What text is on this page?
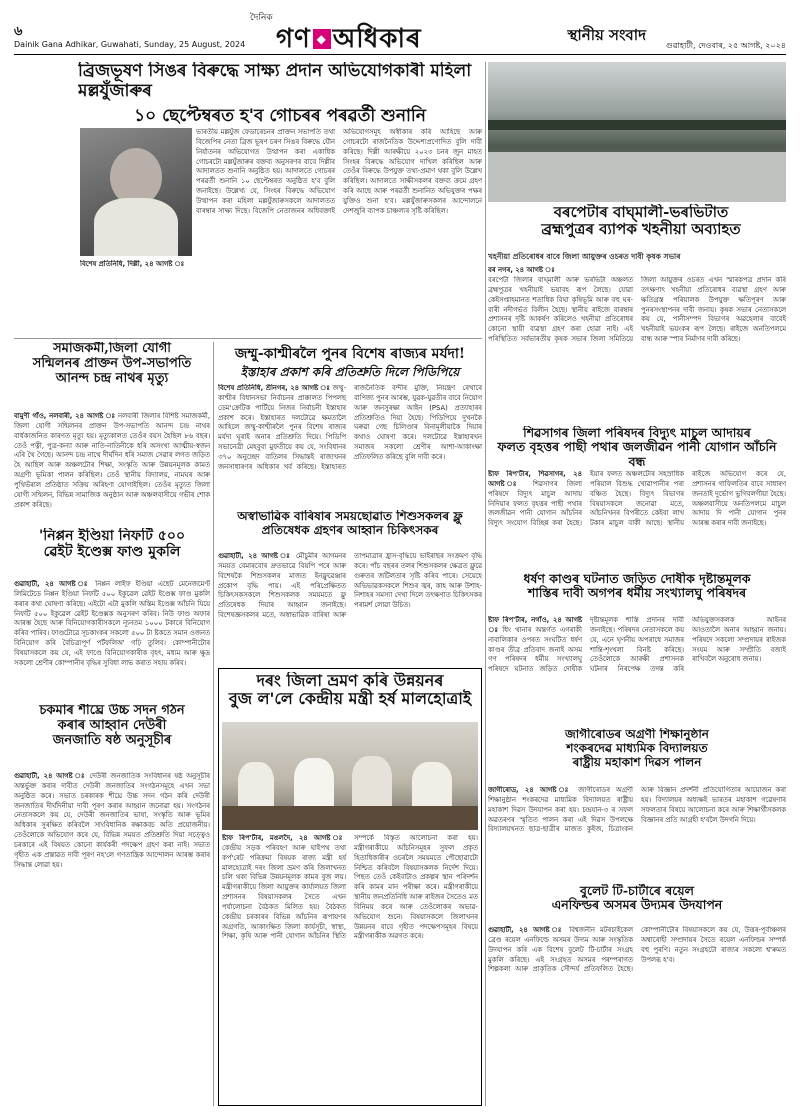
৬
দৈনিক
গণ ◆ অধিকাৰ	স্থানীয় সংবাদ
Dainik Gana Adhikar, Guwahati, Sunday, 25 August, 2024	গুৱাহাটী, দেওবাৰ, ২৫ আগষ্ট, ২০২৪
ব্ৰিজভূষণ সিঙৰ বিৰুদ্ধে সাক্ষ্য প্ৰদান অভিযোগকাৰী মহিলা মল্লযুঁজাৰুৰ
১০ ছেপ্টেম্বৰত হ'ব গোচৰৰ পৰৱৰ্তী শুনানি
বিশেষ প্ৰতিনিধি, দিল্লী, ২৪ আগষ্ট ঃ
ভাৰতীয় মল্লযুঁজ ফেডাৰেচনৰ প্ৰাক্তন সভাপতি তথা বিজেপিৰ নেতা ব্ৰিজ ভূষণ চৰণ সিঙৰ বিৰুদ্ধে যৌন নিৰ্যাতনৰ অভিযোগত উত্থাপন কৰা একাধিক গোচৰটো মল্লযুঁজাৰুৰ বক্তব্য অনুসৰণৰ বাবে দিল্লীৰ আদালতত শুনানি অনুষ্ঠিত হয়। আদালতে গোচৰৰ পৰৱৰ্তী শুনানি ১০ ছেপ্টেম্বৰত অনুষ্ঠিত হ'ব বুলি জনাইছে। উল্লেখ্য যে, সিংহৰ বিৰুদ্ধে অভিযোগ উত্থাপন কৰা মহিলা মল্লযুঁজাৰুসকলে আদালতত বাৰম্বাৰ সাক্ষ্য দিছে। বিজেপি নেতাজনৰ অধিবক্তাই অভিযোগসমূহ অস্বীকাৰ কৰি আহিছে আৰু গোচৰটো ৰাজনৈতিক উদ্দেশ্যপ্ৰণোদিত বুলি দাবী কৰিছে। দিল্লী আৰক্ষীয়ে ২০২৩ চনৰ জুন মাহত সিংহৰ বিৰুদ্ধে অভিযোগ দাখিল কৰিছিল আৰু তেওঁৰ বিৰুদ্ধে উপযুক্ত তথ্য-প্ৰমাণ থকা বুলি উল্লেখ কৰিছিল। আদালতে সাক্ষীসকলৰ বক্তব্য ক্ৰমে গ্ৰহণ কৰি আছে আৰু পৰৱৰ্তী শুনানিত অভিযুক্তৰ পক্ষৰ যুক্তিও শুনা হ'ব। মল্লযুঁজাৰুসকলৰ আন্দোলনে দেশজুৰি ব্যাপক চাঞ্চল্যৰ সৃষ্টি কৰিছিল।	বৰপেটাৰ বাঘ্মালী-ভৰভিটাত
ব্ৰহ্মপুত্ৰৰ ব্যাপক খহনীয়া অব্যাহত
খহনীয়া প্ৰতিৰোধৰ বাবে জিলা আয়ুক্তৰ ওচৰত দাবী কৃষক সভাৰ
বৰ নগৰ, ২৪ আগষ্ট ঃ
বৰপেটা জিলাৰ বাঘ্মালী আৰু ভৰভিটা অঞ্চলত ব্ৰহ্মপুত্ৰৰ খহনীয়াই ভয়াবহ ৰূপ লৈছে। যোৱা কেইসপ্তাহমানত শতাধিক বিঘা কৃষিভূমি আৰু বহু ঘৰ-বাৰী নদীগৰ্ভত বিলীন হৈছে। স্থানীয় ৰাইজে বাৰম্বাৰ প্ৰশাসনৰ দৃষ্টি আকৰ্ষণ কৰিলেও খহনীয়া প্ৰতিৰোধৰ কোনো স্থায়ী ব্যৱস্থা গ্ৰহণ কৰা হোৱা নাই। এই পৰিস্থিতিত সৰ্বভাৰতীয় কৃষক সভাৰ জিলা সমিতিয়ে জিলা আয়ুক্তৰ ওচৰত এখন স্মাৰকপত্ৰ প্ৰদান কৰি তৎক্ষণাৎ খহনীয়া প্ৰতিৰোধৰ ব্যৱস্থা গ্ৰহণ আৰু ক্ষতিগ্ৰস্ত পৰিয়ালক উপযুক্ত ক্ষতিপূৰণ আৰু পুনৰসংস্থাপনৰ দাবী জনায়। কৃষক সভাৰ নেতাসকলে কয় যে, পানীসম্পদ বিভাগৰ অৱহেলাৰ বাবেই খহনীয়াই ভয়ংকৰ ৰূপ লৈছে। ৰাইজে অনতিপলমে বান্ধ আৰু স্পাৰ নিৰ্মাণৰ দাবী কৰিছে।
সমাজকৰ্মী,জিলা যোগী
সন্মিলনৰ প্ৰাক্তন উপ-সভাপতি
আনন্দ চন্দ্ৰ নাথৰ মৃত্যু
বামুণী গাঁও, নলবাৰী, ২৪ আগষ্ট ঃ নলবাৰী জিলাৰ বিশিষ্ট সমাজকৰ্মী, জিলা যোগী সন্মিলনৰ প্ৰাক্তন উপ-সভাপতি আনন্দ চন্দ্ৰ নাথৰ বাৰ্ধক্যজনিত কাৰণত মৃত্যু হয়। মৃত্যুকালত তেওঁৰ বয়স হৈছিল ৮৬ বছৰ। তেওঁ পত্নী, পুত্ৰ-কন্যা আৰু নাতি-নাতিনীকে ধৰি অসংখ্য আত্মীয়-স্বজন এৰি থৈ গৈছে। আনন্দ চন্দ্ৰ নাথে দীৰ্ঘদিন ধৰি সমাজ সেৱাৰ লগত জড়িত হৈ আছিল আৰু অঞ্চলটোৰ শিক্ষা, সংস্কৃতি আৰু উন্নয়নমূলক কামত অগ্ৰণী ভূমিকা পালন কৰিছিল। তেওঁ স্থানীয় বিদ্যালয়, নামঘৰ আৰু পুথিভঁৰাল প্ৰতিষ্ঠাত সক্ৰিয় অৰিহণা যোগাইছিল। তেওঁৰ মৃত্যুত জিলা যোগী সন্মিলন, বিভিন্ন সামাজিক অনুষ্ঠান আৰু অঞ্চলবাসীয়ে গভীৰ শোক প্ৰকাশ কৰিছে।
জম্মু-কাশ্মীৰলৈ পুনৰ বিশেষ ৰাজ্যৰ মৰ্যদা!
ইস্তাহাৰ প্ৰকাশ কৰি প্ৰতিশ্ৰুতি দিলে পিডিপিয়ে
বিশেষ প্ৰতিনিধি, শ্ৰীনগৰ, ২৪ আগষ্ট ঃ জম্মু-কাশ্মীৰ বিধানসভা নিৰ্বাচনৰ প্ৰাক্কালত পিপলছ ডেম'ক্ৰেটিক পাৰ্টিয়ে নিজৰ নিৰ্বাচনী ইস্তাহাৰ প্ৰকাশ কৰে। ইস্তাহাৰত দলটোৱে ক্ষমতালৈ আহিলে জম্মু-কাশ্মীৰলৈ পুনৰ বিশেষ ৰাজ্যৰ মৰ্যদা ঘূৰাই অনাৰ প্ৰতিশ্ৰুতি দিয়ে। পিডিপি সভানেত্ৰী মেহবুবা মুফতীয়ে কয় যে, সংবিধানৰ ৩৭০ অনুচ্ছেদ বাতিলৰ সিদ্ধান্তই ৰাজ্যখনৰ জনসাধাৰণৰ অধিকাৰ খৰ্ব কৰিছে। ইস্তাহাৰত ৰাজনৈতিক বন্দীৰ মুক্তি, নিয়ন্ত্ৰণ ৰেখাৰে বাণিজ্য পুনৰ আৰম্ভ, যুৱক-যুৱতীৰ বাবে নিয়োগ আৰু জনসুৰক্ষা আইন (PSA) প্ৰত্যাহাৰৰ প্ৰতিশ্ৰুতিও দিয়া হৈছে। পিডিপিয়ে দুখনকৈ ঘৰুৱা গেছ চিলিণ্ডাৰ বিনামূলীয়াকৈ দিয়াৰ কথাও ঘোষণা কৰে। দলটোৱে ইস্তাহাৰখন সমাজৰ সকলো শ্ৰেণীৰ আশা-আকাংক্ষা প্ৰতিফলিত কৰিছে বুলি দাবী কৰে।
শিৱসাগৰ জিলা পৰিষদৰ বিদ্যুৎ মাচুল আদায়ৰ
ফলত বৃহত্তৰ পাছী পথাৰ জলজীৱন পানী যোগান আঁচনি বন্ধ
ষ্টাফ ৰিপ'ৰ্টাৰ, শিৱসাগৰ, ২৪ আগষ্ট ঃ শিৱসাগৰ জিলা পৰিষদে বিদ্যুৎ মাচুল আদায় নিদিয়াৰ ফলত বৃহত্তৰ পাছী পথাৰ জলজীৱন পানী যোগান আঁচনিৰ বিদ্যুৎ সংযোগ বিচ্ছিন্ন কৰা হৈছে। ইয়াৰ ফলত অঞ্চলটোৰ সহস্ৰাধিক পৰিয়াল বিশুদ্ধ খোৱাপানীৰ পৰা বঞ্চিত হৈছে। বিদ্যুৎ বিভাগৰ বিষয়াসকলে জনোৱা মতে, আঁচনিখনৰ বিপৰীতে কেইবা লাখ টকাৰ মাচুল বাকী আছে। স্থানীয় ৰাইজে অভিযোগ কৰে যে, প্ৰশাসনৰ গাফিলতিৰ বাবে সাধাৰণ জনতাই দুৰ্ভোগ ভুগিবলগীয়া হৈছে। অঞ্চলবাসীয়ে অনতিপলমে মাচুল আদায় দি পানী যোগান পুনৰ আৰম্ভ কৰাৰ দাবী জনাইছে।
'নিপ্পন ইণ্ডিয়া নিফটি ৫০০
ৱেইট ইণ্ডেক্স ফাণ্ড মুকলি
গুৱাহাটী, ২৪ আগষ্ট ঃ নিপ্পন লাইফ ইণ্ডিয়া এছেট মেনেজমেণ্ট লিমিটেডে নিপ্পন ইণ্ডিয়া নিফটি ৫০০ ইকুৱেল ৱেইট ইণ্ডেক্স ফাণ্ড মুকলি কৰাৰ কথা ঘোষণা কৰিছে। এইটো এটা মুকলি অন্তিম ইণ্ডেক্স আঁচনি যিয়ে নিফটি ৫০০ ইকুৱেল ৱেইট ইণ্ডেক্সক অনুসৰণ কৰিব। নিউ ফাণ্ড অফাৰ আৰম্ভ হৈছে আৰু বিনিয়োগকাৰীসকলে ন্যূনতম ১০০০ টকাৰে বিনিয়োগ কৰিব পাৰিব। ফাণ্ডটোৱে সূচকাংকৰ সকলো ৫০০ টা ষ্টকতে সমান ওজনত বিনিয়োগ কৰি বৈচিত্ৰ্যপূৰ্ণ পৰ্টফলিঅ' গঢ়ি তুলিব। কোম্পানীটোৰ বিষয়াসকলে কয় যে, এই ফাণ্ডে বিনিয়োগকাৰীক বৃহৎ, মধ্যম আৰু ক্ষুদ্ৰ সকলো শ্ৰেণীৰ কোম্পানীৰ বৃদ্ধিৰ সুবিধা লাভ কৰাত সহায় কৰিব।
অস্বাভাৱিক বাৰিষাৰ সময়ছোৱাত শিশুসকলৰ ফ্লু
প্ৰতিষেধক গ্ৰহণৰ আহ্বান চিকিৎসকৰ
গুৱাহাটী, ২৪ আগষ্ট ঃ মৌচুমীৰ আগমনৰ সময়ত বেমাৰবোৰ দ্ৰুতভাৱে বিয়পি পৰে আৰু বিশেষকৈ শিশুসকলৰ মাজত ইনফ্লুৱেঞ্জাৰ প্ৰকোপ বৃদ্ধি পায়। এই পৰিপ্ৰেক্ষিতত চিকিৎসকসকলে শিশুসকলক সময়মতে ফ্লু প্ৰতিষেধক দিয়াৰ আহ্বান জনাইছে। বিশেষজ্ঞসকলৰ মতে, অস্বাভাৱিক বাৰিষা আৰু তাপমাত্ৰাৰ হ্ৰাস-বৃদ্ধিয়ে ভাইৰাছৰ সংক্ৰমণ বৃদ্ধি কৰে। পাঁচ বছৰৰ তলৰ শিশুসকলৰ ক্ষেত্ৰত ফ্লুৱে গুৰুতৰ জটিলতাৰ সৃষ্টি কৰিব পাৰে। সেয়েহে অভিভাৱকসকলে শিশুৰ জ্বৰ, কাহ আৰু উশাহ-নিশাহৰ সমস্যা দেখা দিলে তৎক্ষণাত চিকিৎসকৰ পৰামৰ্শ লোৱা উচিত।
ধৰ্ষণ কাণ্ডৰ ঘটনাত জড়িত দোষীক দৃষ্টান্তমূলক
শাস্তিৰ দাবী অগপৰ ধৰ্মীয় সংখ্যালঘু পৰিষদৰ
ষ্টাফ ৰিপ'ৰ্টাৰ, নগাঁও, ২৪ আগষ্ট ঃ ধিং থানাৰ অন্তৰ্গত এগৰাকী নাবালিকাৰ ওপৰত সংঘটিত ধৰ্ষণ কাণ্ডৰ তীব্ৰ প্ৰতিবাদ জনাই অসম গণ পৰিষদৰ ধৰ্মীয় সংখ্যালঘু পৰিষদে ঘটনাত জড়িত দোষীক দৃষ্টান্তমূলক শাস্তি প্ৰদানৰ দাবী জনাইছে। পৰিষদৰ নেতাসকলে কয় যে, এনে ঘৃণনীয় অপৰাধে সমাজৰ শান্তি-শৃংখলা বিনষ্ট কৰিছে। তেওঁলোকে আৰক্ষী প্ৰশাসনক ঘটনাৰ নিৰপেক্ষ তদন্ত কৰি অভিযুক্তসকলক আইনৰ আওতালৈ অনাৰ আহ্বান জনায়। পৰিষদে সকলো সম্প্ৰদায়ৰ ৰাইজক সংযম আৰু সম্প্ৰীতি বজাই ৰাখিবলৈ অনুৰোধ জনায়।
দৰং জিলা ভ্ৰমণ কৰি উন্নয়নৰ
বুজ ল'লে কেন্দ্ৰীয় মন্ত্ৰী হৰ্ষ মালহোত্ৰাই
ষ্টাফ ৰিপ'ৰ্টাৰ, মঙলদৈ, ২৪ আগষ্ট ঃ কেন্দ্ৰীয় সড়ক পৰিবহণ আৰু ঘাইপথ তথা কৰ্প'ৰেট পৰিক্ৰমা বিষয়ক ৰাজ্য মন্ত্ৰী হৰ্ষ মালহোত্ৰাই দৰং জিলা ভ্ৰমণ কৰি জিলাখনত চলি থকা বিভিন্ন উন্নয়নমূলক কামৰ বুজ লয়। মন্ত্ৰীগৰাকীয়ে জিলা আয়ুক্তৰ কাৰ্যালয়ত জিলা প্ৰশাসনৰ বিষয়াসকলৰ সৈতে এখন পৰ্যালোচনা বৈঠকত মিলিত হয়। বৈঠকত কেন্দ্ৰীয় চৰকাৰৰ বিভিন্ন আঁচনিৰ ৰূপায়ণৰ অগ্ৰগতি, আকাংক্ষিত জিলা কাৰ্যসূচী, স্বাস্থ্য, শিক্ষা, কৃষি আৰু পানী যোগান আঁচনিৰ স্থিতি সম্পৰ্কে বিস্তৃত আলোচনা কৰা হয়। মন্ত্ৰীগৰাকীয়ে আঁচনিসমূহৰ সুফল প্ৰকৃত হিতাধিকাৰীৰ ওচৰলৈ সময়মতে পৌছোৱাটো নিশ্চিত কৰিবলৈ বিষয়াসকলক নিৰ্দেশ দিয়ে। পিছত তেওঁ কেইবাটাও প্ৰকল্পৰ স্থান পৰিদৰ্শন কৰি কামৰ মান পৰীক্ষা কৰে। মন্ত্ৰীগৰাকীয়ে স্থানীয় জনপ্ৰতিনিধি আৰু ৰাইজৰ সৈতেও মত বিনিময় কৰে আৰু তেওঁলোকৰ অভাৱ-অভিযোগ শুনে। বিষয়াসকলে জিলাখনৰ উন্নয়নৰ বাবে গৃহীত পদক্ষেপসমূহৰ বিষয়ে মন্ত্ৰীগৰাকীক অৱগত কৰে।
চকমাৰ শীঘ্ৰে উচ্চ সদন গঠন
কৰাৰ আহ্বান দেউৰী
জনজাতি ষষ্ঠ অনুসূচীৰ
গুৱাহাটী, ২৪ আগষ্ট ঃ দেউৰী জনজাতিক সংবিধানৰ ষষ্ঠ অনুসূচীৰ অন্তৰ্ভুক্ত কৰাৰ দাবীত দেউৰী জনজাতিৰ সংগঠনসমূহে এখন সভা অনুষ্ঠিত কৰে। সভাত চৰকাৰক শীঘ্ৰে উচ্চ সদন গঠন কৰি দেউৰী জনজাতিৰ দীৰ্ঘদিনীয়া দাবী পূৰণ কৰাৰ আহ্বান জনোৱা হয়। সংগঠনৰ নেতাসকলে কয় যে, দেউৰী জনজাতিৰ ভাষা, সংস্কৃতি আৰু ভূমিৰ অধিকাৰ সুৰক্ষিত কৰিবলৈ সাংবিধানিক ৰক্ষাকবচ অতি প্ৰয়োজনীয়। তেওঁলোকে অভিযোগ কৰে যে, বিভিন্ন সময়ত প্ৰতিশ্ৰুতি দিয়া সত্ত্বেও চৰকাৰে এই বিষয়ত কোনো কাৰ্যকৰী পদক্ষেপ গ্ৰহণ কৰা নাই। সভাত গৃহীত এক প্ৰস্তাৱত দাবী পূৰণ নহ'লে গণতান্ত্ৰিক আন্দোলন আৰম্ভ কৰাৰ সিদ্ধান্ত লোৱা হয়।
জাগীৰোডৰ অগ্ৰণী শিক্ষানুষ্ঠান
শংকৰদেৱ মাধ্যমিক বিদ্যালয়ত
ৰাষ্ট্ৰীয় মহাকাশ দিৱস পালন
জাগীৰোড, ২৪ আগষ্ট ঃ জাগীৰোডৰ অগ্ৰণী শিক্ষানুষ্ঠান শংকৰদেৱ মাধ্যমিক বিদ্যালয়ত ৰাষ্ট্ৰীয় মহাকাশ দিৱস উদযাপন কৰা হয়। চন্দ্ৰযান-৩ ৰ সফল অৱতৰণৰ স্মৃতিত পালন কৰা এই দিৱস উপলক্ষে বিদ্যালয়খনত ছাত্ৰ-ছাত্ৰীৰ মাজত কুইজ, চিত্ৰাংকন আৰু বিজ্ঞান প্ৰদৰ্শনী প্ৰতিযোগিতাৰ আয়োজন কৰা হয়। বিদ্যালয়ৰ অধ্যক্ষই ভাৰতৰ মহাকাশ গৱেষণাৰ সফলতাৰ বিষয়ে আলোচনা কৰে আৰু শিক্ষাৰ্থীসকলক বিজ্ঞানৰ প্ৰতি আগ্ৰহী হ'বলৈ উদগনি দিয়ে।
বুলেট টি-চাৰ্টাৰে ৰয়েল
এনফিল্ডৰ অসমৰ উদ্যমৰ উদযাপন
গুৱাহাটী, ২৪ আগষ্ট ঃ বিশ্বজনীন মটৰচাইকেল ব্ৰেণ্ড ৰয়েল এনফিল্ডে অসমৰ উদ্যম আৰু সংস্কৃতিক উদযাপন কৰি এক বিশেষ বুলেট টি-চাৰ্টাৰ সংগ্ৰহ মুকলি কৰিছে। এই সংগ্ৰহত অসমৰ পৰম্পৰাগত শিল্পকলা আৰু প্ৰাকৃতিক সৌন্দৰ্য প্ৰতিফলিত হৈছে। কোম্পানীটোৰ বিষয়াসকলে কয় যে, উত্তৰ-পূৰ্বাঞ্চলৰ অশ্বাৰোহী সম্প্ৰদায়ৰ সৈতে ৰয়েল এনফিল্ডৰ সম্পৰ্ক বহু পুৰণি। নতুন সংগ্ৰহটো ৰাজ্যৰ সকলো শ্ব'ৰুমত উপলব্ধ হ'ব।
